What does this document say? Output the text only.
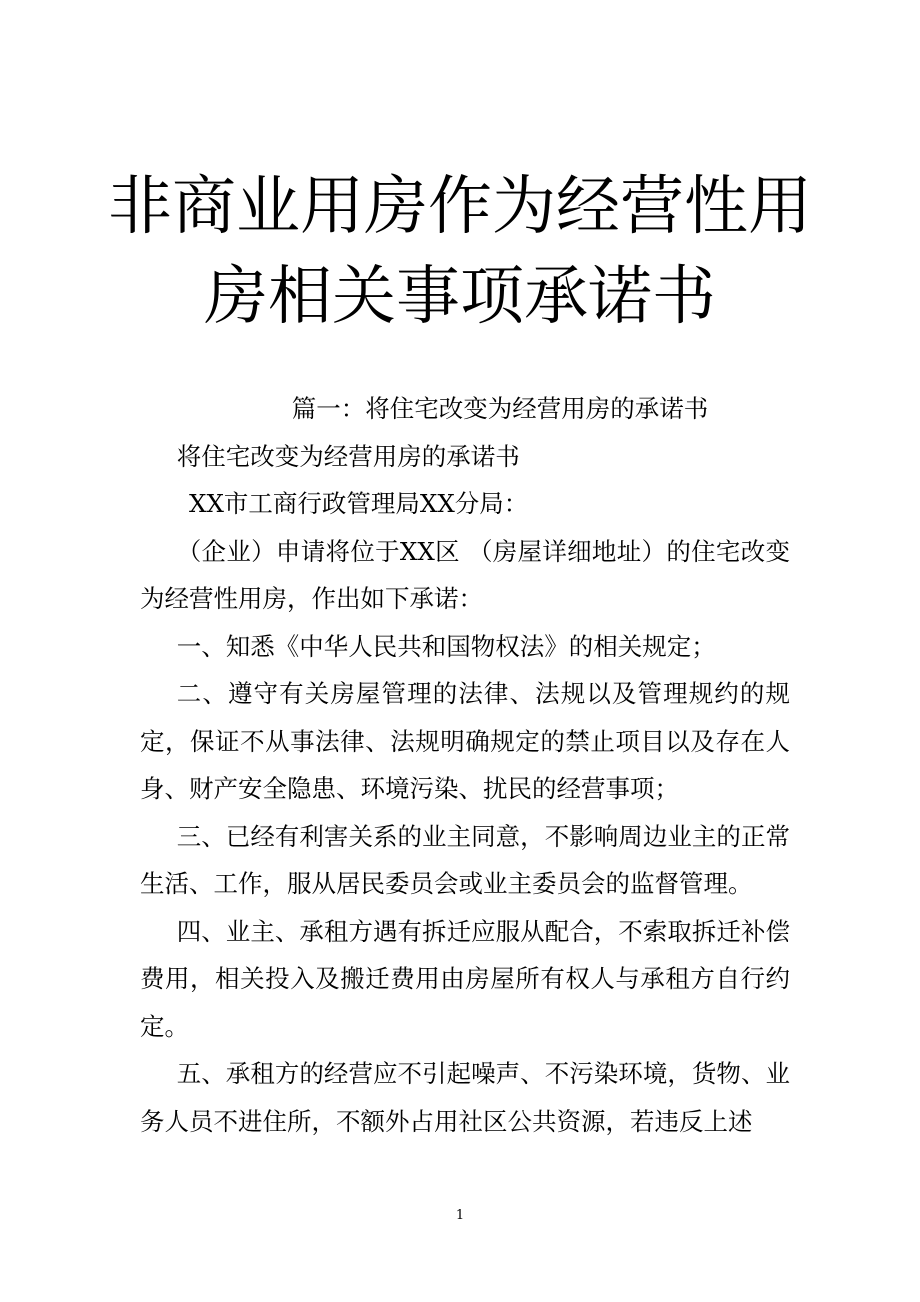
非商业用房作为经营性用
房相关事项承诺书

篇一：将住宅改变为经营用房的承诺书

将住宅改变为经营用房的承诺书

XX市工商行政管理局XX分局：

（企业）申请将位于XX区 （房屋详细地址）的住宅改变为经营性用房，作出如下承诺：

一、知悉《中华人民共和国物权法》的相关规定；

二、遵守有关房屋管理的法律、法规以及管理规约的规定，保证不从事法律、法规明确规定的禁止项目以及存在人身、财产安全隐患、环境污染、扰民的经营事项；

三、已经有利害关系的业主同意，不影响周边业主的正常生活、工作，服从居民委员会或业主委员会的监督管理。

四、业主、承租方遇有拆迁应服从配合，不索取拆迁补偿费用，相关投入及搬迁费用由房屋所有权人与承租方自行约定。

五、承租方的经营应不引起噪声、不污染环境，货物、业务人员不进住所，不额外占用社区公共资源，若违反上述

1
